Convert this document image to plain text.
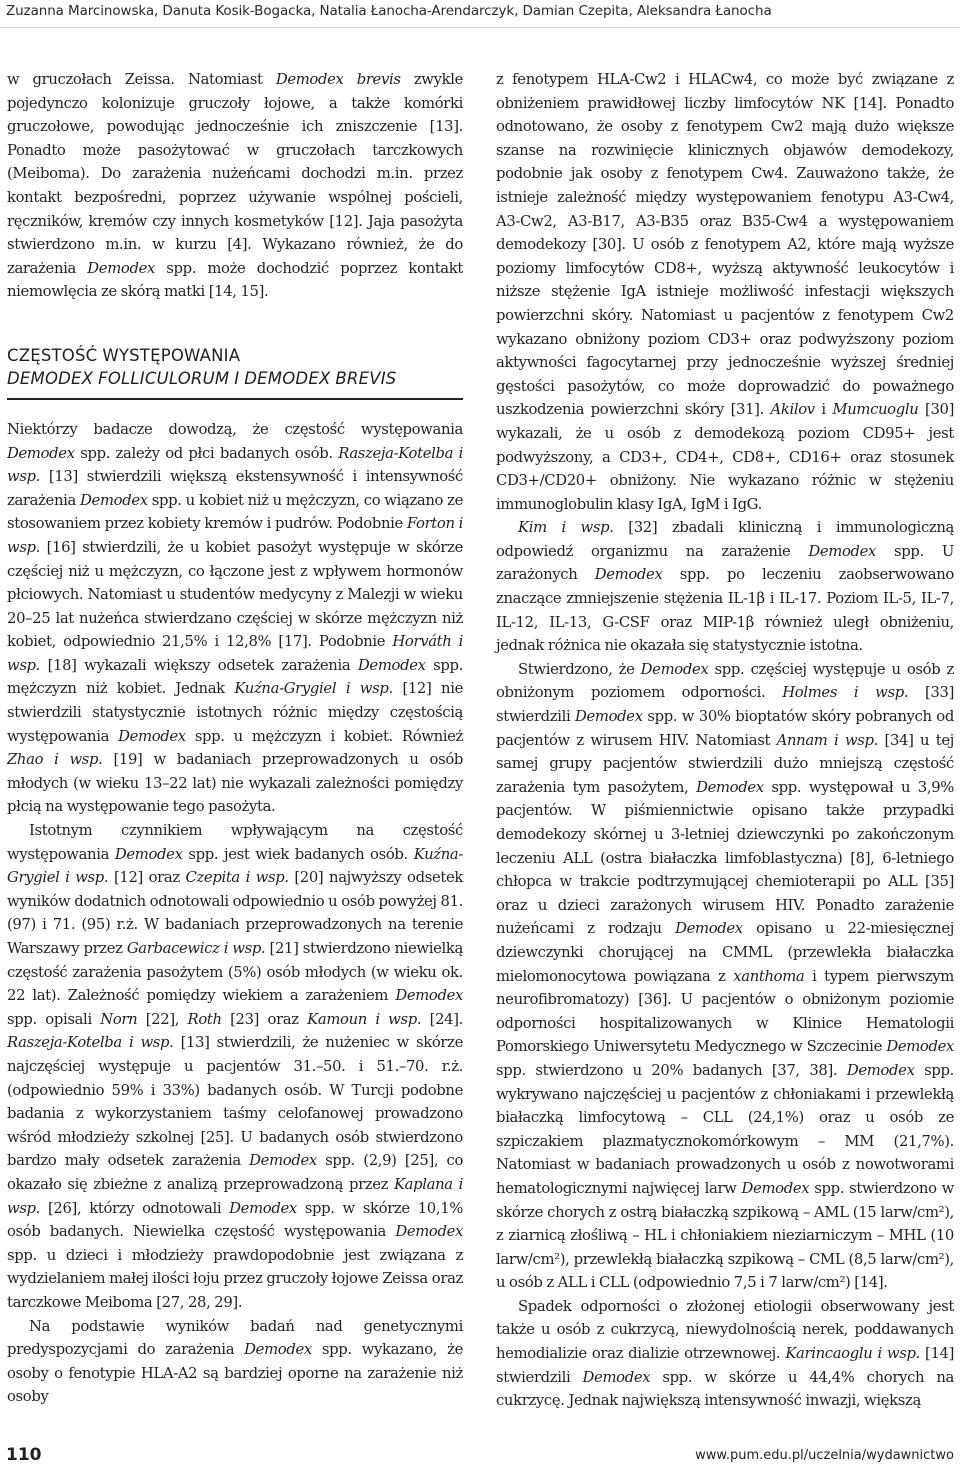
Zuzanna Marcinowska, Danuta Kosik-Bogacka, Natalia Łanocha-Arendarczyk, Damian Czepita, Aleksandra Łanocha

w gruczołach Zeissa. Natomiast Demodex brevis zwykle pojedynczo kolonizuje gruczoły łojowe, a także komórki gruczołowe, powodując jednocześnie ich zniszczenie [13]. Ponadto może pasożytować w gruczołach tarczkowych (Meiboma). Do zarażenia nużeńcami dochodzi m.in. przez kontakt bezpośredni, poprzez używanie wspólnej pościeli, ręczników, kremów czy innych kosmetyków [12]. Jaja pasożyta stwierdzono m.in. w kurzu [4]. Wykazano również, że do zarażenia Demodex spp. może dochodzić poprzez kontakt niemowlęcia ze skórą matki [14, 15].

CZĘSTOŚĆ WYSTĘPOWANIA
DEMODEX FOLLICULORUM I DEMODEX BREVIS

Niektórzy badacze dowodzą, że częstość występowania Demodex spp. zależy od płci badanych osób. Raszeja-Kotelba i wsp. [13] stwierdzili większą ekstensywność i intensywność zarażenia Demodex spp. u kobiet niż u mężczyzn, co wiązano ze stosowaniem przez kobiety kremów i pudrów. Podobnie Forton i wsp. [16] stwierdzili, że u kobiet pasożyt występuje w skórze częściej niż u mężczyzn, co łączone jest z wpływem hormonów płciowych. Natomiast u studentów medycyny z Malezji w wieku 20–25 lat nużeńca stwierdzano częściej w skórze mężczyzn niż kobiet, odpowiednio 21,5% i 12,8% [17]. Podobnie Horváth i wsp. [18] wykazali większy odsetek zarażenia Demodex spp. mężczyzn niż kobiet. Jednak Kuźna-Grygiel i wsp. [12] nie stwierdzili statystycznie istotnych różnic między częstością występowania Demodex spp. u mężczyzn i kobiet. Również Zhao i wsp. [19] w badaniach przeprowadzonych u osób młodych (w wieku 13–22 lat) nie wykazali zależności pomiędzy płcią na występowanie tego pasożyta.

Istotnym czynnikiem wpływającym na częstość występowania Demodex spp. jest wiek badanych osób. Kuźna-Grygiel i wsp. [12] oraz Czepita i wsp. [20] najwyższy odsetek wyników dodatnich odnotowali odpowiednio u osób powyżej 81. (97) i 71. (95) r.ż. W badaniach przeprowadzonych na terenie Warszawy przez Garbacewicz i wsp. [21] stwierdzono niewielką częstość zarażenia pasożytem (5%) osób młodych (w wieku ok. 22 lat). Zależność pomiędzy wiekiem a zarażeniem Demodex spp. opisali Norn [22], Roth [23] oraz Kamoun i wsp. [24]. Raszeja-Kotelba i wsp. [13] stwierdzili, że nużeniec w skórze najczęściej występuje u pacjentów 31.–50. i 51.–70. r.ż. (odpowiednio 59% i 33%) badanych osób. W Turcji podobne badania z wykorzystaniem taśmy celofanowej prowadzono wśród młodzieży szkolnej [25]. U badanych osób stwierdzono bardzo mały odsetek zarażenia Demodex spp. (2,9) [25], co okazało się zbieżne z analizą przeprowadzoną przez Kaplana i wsp. [26], którzy odnotowali Demodex spp. w skórze 10,1% osób badanych. Niewielka częstość występowania Demodex spp. u dzieci i młodzieży prawdopodobnie jest związana z wydzielaniem małej ilości łoju przez gruczoły łojowe Zeissa oraz tarczkowe Meiboma [27, 28, 29].

Na podstawie wyników badań nad genetycznymi predyspozycjami do zarażenia Demodex spp. wykazano, że osoby o fenotypie HLA-A2 są bardziej oporne na zarażenie niż osoby

z fenotypem HLA-Cw2 i HLACw4, co może być związane z obniżeniem prawidłowej liczby limfocytów NK [14]. Ponadto odnotowano, że osoby z fenotypem Cw2 mają dużo większe szanse na rozwinięcie klinicznych objawów demodekozy, podobnie jak osoby z fenotypem Cw4. Zauważono także, że istnieje zależność między występowaniem fenotypu A3-Cw4, A3-Cw2, A3-B17, A3-B35 oraz B35-Cw4 a występowaniem demodekozy [30]. U osób z fenotypem A2, które mają wyższe poziomy limfocytów CD8+, wyższą aktywność leukocytów i niższe stężenie IgA istnieje możliwość infestacji większych powierzchni skóry. Natomiast u pacjentów z fenotypem Cw2 wykazano obniżony poziom CD3+ oraz podwyższony poziom aktywności fagocytarnej przy jednocześnie wyższej średniej gęstości pasożytów, co może doprowadzić do poważnego uszkodzenia powierzchni skóry [31]. Akilov i Mumcuoglu [30] wykazali, że u osób z demodekozą poziom CD95+ jest podwyższony, a CD3+, CD4+, CD8+, CD16+ oraz stosunek CD3+/CD20+ obniżony. Nie wykazano różnic w stężeniu immunoglobulin klasy IgA, IgM i IgG.

Kim i wsp. [32] zbadali kliniczną i immunologiczną odpowiedź organizmu na zarażenie Demodex spp. U zarażonych Demodex spp. po leczeniu zaobserwowano znaczące zmniejszenie stężenia IL-1β i IL-17. Poziom IL-5, IL-7, IL-12, IL-13, G-CSF oraz MIP-1β również uległ obniżeniu, jednak różnica nie okazała się statystycznie istotna.

Stwierdzono, że Demodex spp. częściej występuje u osób z obniżonym poziomem odporności. Holmes i wsp. [33] stwierdzili Demodex spp. w 30% bioptatów skóry pobranych od pacjentów z wirusem HIV. Natomiast Annam i wsp. [34] u tej samej grupy pacjentów stwierdzili dużo mniejszą częstość zarażenia tym pasożytem, Demodex spp. występował u 3,9% pacjentów. W piśmiennictwie opisano także przypadki demodekozy skórnej u 3-letniej dziewczynki po zakończonym leczeniu ALL (ostra białaczka limfoblastyczna) [8], 6-letniego chłopca w trakcie podtrzymującej chemioterapii po ALL [35] oraz u dzieci zarażonych wirusem HIV. Ponadto zarażenie nużeńcami z rodzaju Demodex opisano u 22-miesięcznej dziewczynki chorującej na CMML (przewlekła białaczka mielomonocytowa powiązana z xanthoma i typem pierwszym neurofibromatozy) [36]. U pacjentów o obniżonym poziomie odporności hospitalizowanych w Klinice Hematologii Pomorskiego Uniwersytetu Medycznego w Szczecinie Demodex spp. stwierdzono u 20% badanych [37, 38]. Demodex spp. wykrywano najczęściej u pacjentów z chłoniakami i przewlekłą białaczką limfocytową – CLL (24,1%) oraz u osób ze szpiczakiem plazmatycznokomórkowym – MM (21,7%). Natomiast w badaniach prowadzonych u osób z nowotworami hematologicznymi najwięcej larw Demodex spp. stwierdzono w skórze chorych z ostrą białaczką szpikową – AML (15 larw/cm²), z ziarnicą złośliwą – HL i chłoniakiem nieziarniczym – MHL (10 larw/cm²), przewlekłą białaczką szpikową – CML (8,5 larw/cm²), u osób z ALL i CLL (odpowiednio 7,5 i 7 larw/cm²) [14].

Spadek odporności o złożonej etiologii obserwowany jest także u osób z cukrzycą, niewydolnością nerek, poddawanych hemodializie oraz dializie otrzewnowej. Karincaoglu i wsp. [14] stwierdzili Demodex spp. w skórze u 44,4% chorych na cukrzycę. Jednak największą intensywność inwazji, większą

110	www.pum.edu.pl/uczelnia/wydawnictwo
